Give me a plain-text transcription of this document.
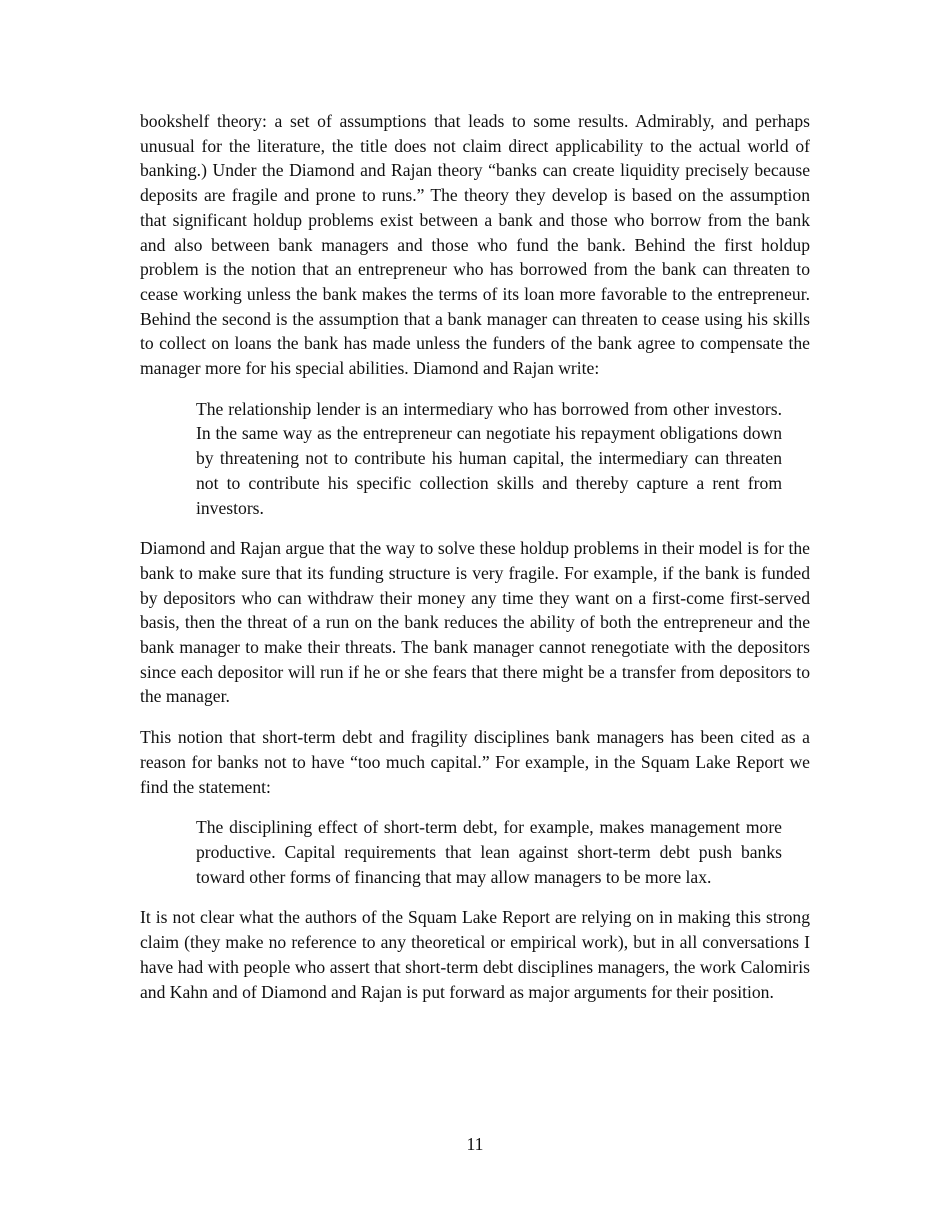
bookshelf theory: a set of assumptions that leads to some results. Admirably, and perhaps unusual for the literature, the title does not claim direct applicability to the actual world of banking.) Under the Diamond and Rajan theory “banks can create liquidity precisely because deposits are fragile and prone to runs.” The theory they develop is based on the assumption that significant holdup problems exist between a bank and those who borrow from the bank and also between bank managers and those who fund the bank. Behind the first holdup problem is the notion that an entrepreneur who has borrowed from the bank can threaten to cease working unless the bank makes the terms of its loan more favorable to the entrepreneur. Behind the second is the assumption that a bank manager can threaten to cease using his skills to collect on loans the bank has made unless the funders of the bank agree to compensate the manager more for his special abilities. Diamond and Rajan write:

The relationship lender is an intermediary who has borrowed from other investors. In the same way as the entrepreneur can negotiate his repayment obligations down by threatening not to contribute his human capital, the intermediary can threaten not to contribute his specific collection skills and thereby capture a rent from investors.

Diamond and Rajan argue that the way to solve these holdup problems in their model is for the bank to make sure that its funding structure is very fragile. For example, if the bank is funded by depositors who can withdraw their money any time they want on a first-come first-served basis, then the threat of a run on the bank reduces the ability of both the entrepreneur and the bank manager to make their threats. The bank manager cannot renegotiate with the depositors since each depositor will run if he or she fears that there might be a transfer from depositors to the manager.

This notion that short-term debt and fragility disciplines bank managers has been cited as a reason for banks not to have “too much capital.” For example, in the Squam Lake Report we find the statement:

The disciplining effect of short-term debt, for example, makes management more productive. Capital requirements that lean against short-term debt push banks toward other forms of financing that may allow managers to be more lax.

It is not clear what the authors of the Squam Lake Report are relying on in making this strong claim (they make no reference to any theoretical or empirical work), but in all conversations I have had with people who assert that short-term debt disciplines managers, the work Calomiris and Kahn and of Diamond and Rajan is put forward as major arguments for their position.

11
